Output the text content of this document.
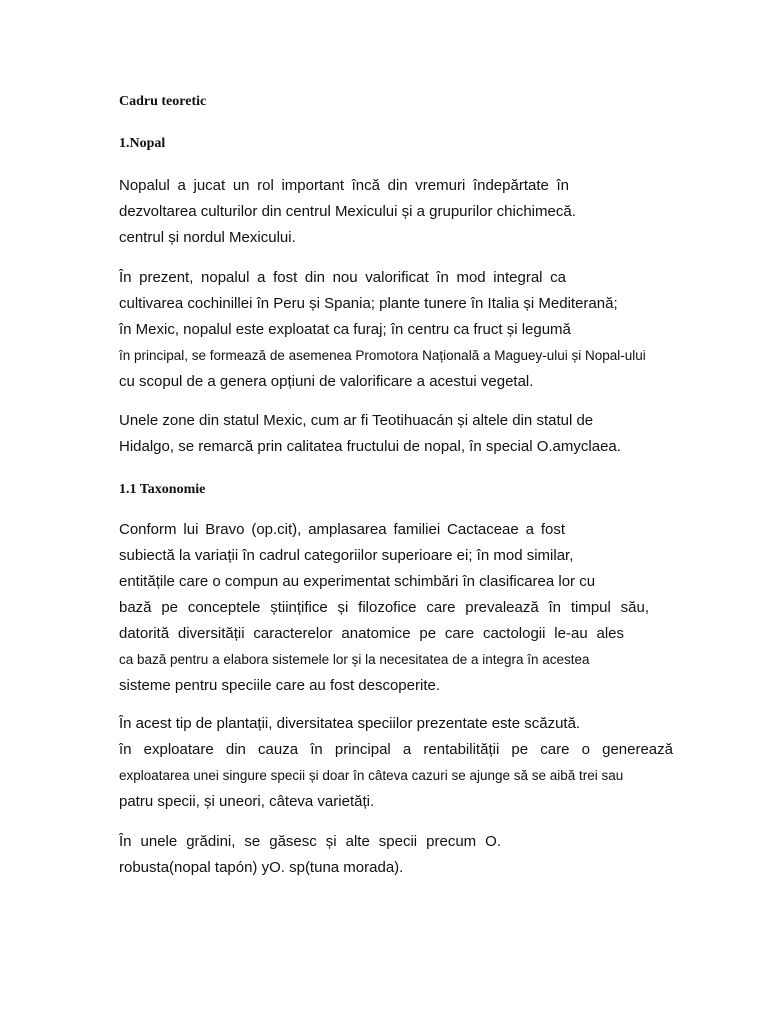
Cadru teoretic
1.Nopal

Nopalul a jucat un rol important încă din vremuri îndepărtate în
dezvoltarea culturilor din centrul Mexicului și a grupurilor chichimecă.
centrul și nordul Mexicului.

În prezent, nopalul a fost din nou valorificat în mod integral ca
cultivarea cochinillei în Peru și Spania; plante tunere în Italia și Mediterană;
în Mexic, nopalul este exploatat ca furaj; în centru ca fruct și legumă
în principal, se formează de asemenea Promotora Națională a Maguey-ului și Nopal-ului
cu scopul de a genera opțiuni de valorificare a acestui vegetal.

Unele zone din statul Mexic, cum ar fi Teotihuacán și altele din statul de
Hidalgo, se remarcă prin calitatea fructului de nopal, în special O.amyclaea.

1.1 Taxonomie

Conform lui Bravo (op.cit), amplasarea familiei Cactaceae a fost
subiectă la variații în cadrul categoriilor superioare ei; în mod similar,
entitățile care o compun au experimentat schimbări în clasificarea lor cu
bază pe conceptele științifice și filozofice care prevalează în timpul său,
datorită diversității caracterelor anatomice pe care cactologii le-au ales
ca bază pentru a elabora sistemele lor și la necesitatea de a integra în acestea
sisteme pentru speciile care au fost descoperite.

În acest tip de plantații, diversitatea speciilor prezentate este scăzută.
în exploatare din cauza în principal a rentabilității pe care o generează
exploatarea unei singure specii și doar în câteva cazuri se ajunge să se aibă trei sau
patru specii, și uneori, câteva varietăți.

În unele grădini, se găsesc și alte specii precum O.
robusta(nopal tapón) yO. sp(tuna morada).
